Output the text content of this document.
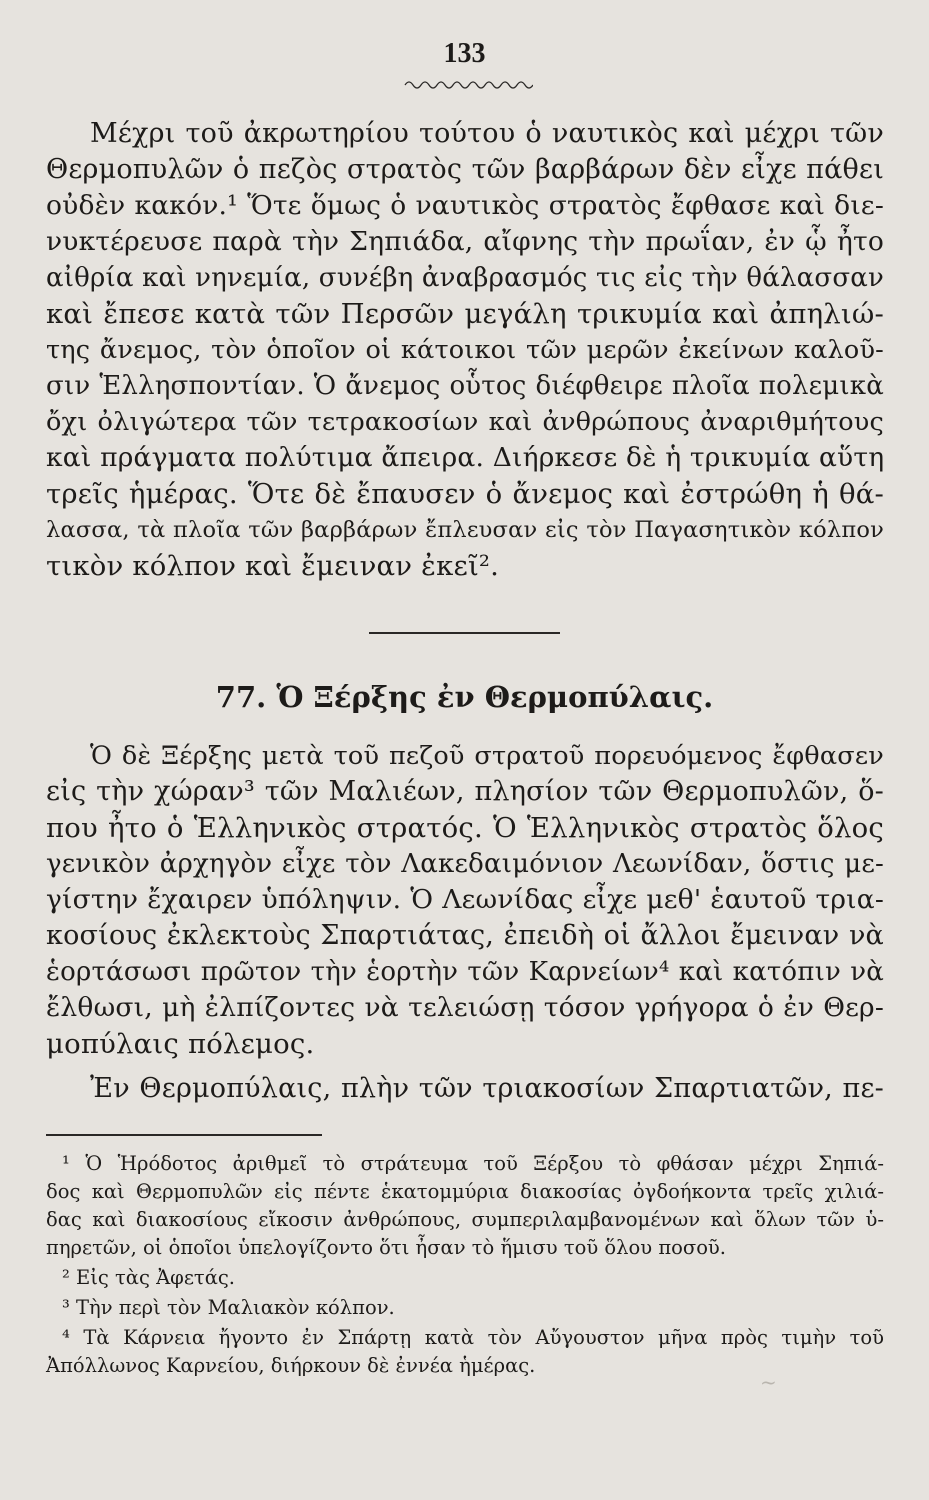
133
Μέχρι τοῦ ἀκρωτηρίου τούτου ὁ ναυτικὸς καὶ μέχρι τῶν
Θερμοπυλῶν ὁ πεζὸς στρατὸς τῶν βαρβάρων δὲν εἶχε πάθει
οὐδὲν κακόν.¹ Ὅτε ὅμως ὁ ναυτικὸς στρατὸς ἔφθασε καὶ διε-
νυκτέρευσε παρὰ τὴν Σηπιάδα, αἴφνης τὴν πρωΐαν, ἐν ᾧ ἦτο
αἰθρία καὶ νηνεμία, συνέβη ἀναβρασμός τις εἰς τὴν θάλασσαν
καὶ ἔπεσε κατὰ τῶν Περσῶν μεγάλη τρικυμία καὶ ἀπηλιώ-
της ἄνεμος, τὸν ὁποῖον οἱ κάτοικοι τῶν μερῶν ἐκείνων καλοῦ-
σιν Ἑλλησποντίαν. Ὁ ἄνεμος οὗτος διέφθειρε πλοῖα πολεμικὰ
ὄχι ὀλιγώτερα τῶν τετρακοσίων καὶ ἀνθρώπους ἀναριθμήτους
καὶ πράγματα πολύτιμα ἄπειρα. Διήρκεσε δὲ ἡ τρικυμία αὕτη
τρεῖς ἡμέρας. Ὅτε δὲ ἔπαυσεν ὁ ἄνεμος καὶ ἐστρώθη ἡ θά-
λασσα, τὰ πλοῖα τῶν βαρβάρων ἔπλευσαν εἰς τὸν Παγασητικὸν κόλπον
τικὸν κόλπον καὶ ἔμειναν ἐκεῖ².
77. Ὁ Ξέρξης ἐν Θερμοπύλαις.
Ὁ δὲ Ξέρξης μετὰ τοῦ πεζοῦ στρατοῦ πορευόμενος ἔφθασεν
εἰς τὴν χώραν³ τῶν Μαλιέων, πλησίον τῶν Θερμοπυλῶν, ὅ-
που ἦτο ὁ Ἑλληνικὸς στρατός. Ὁ Ἑλληνικὸς στρατὸς ὅλος
γενικὸν ἀρχηγὸν εἶχε τὸν Λακεδαιμόνιον Λεωνίδαν, ὅστις με-
γίστην ἔχαιρεν ὑπόληψιν. Ὁ Λεωνίδας εἶχε μεθ' ἑαυτοῦ τρια-
κοσίους ἐκλεκτοὺς Σπαρτιάτας, ἐπειδὴ οἱ ἄλλοι ἔμειναν νὰ
ἑορτάσωσι πρῶτον τὴν ἑορτὴν τῶν Καρνείων⁴ καὶ κατόπιν νὰ
ἔλθωσι, μὴ ἐλπίζοντες νὰ τελειώσῃ τόσον γρήγορα ὁ ἐν Θερ-
μοπύλαις πόλεμος.
Ἐν Θερμοπύλαις, πλὴν τῶν τριακοσίων Σπαρτιατῶν, πε-
¹ Ὁ Ἡρόδοτος ἀριθμεῖ τὸ στράτευμα τοῦ Ξέρξου τὸ φθάσαν μέχρι Σηπιά-
δος καὶ Θερμοπυλῶν εἰς πέντε ἑκατομμύρια διακοσίας ὀγδοήκοντα τρεῖς χιλιά-
δας καὶ διακοσίους εἴκοσιν ἀνθρώπους, συμπεριλαμβανομένων καὶ ὅλων τῶν ὑ-
πηρετῶν, οἱ ὁποῖοι ὑπελογίζοντο ὅτι ἦσαν τὸ ἥμισυ τοῦ ὅλου ποσοῦ.
² Εἰς τὰς Ἀφετάς.
³ Τὴν περὶ τὸν Μαλιακὸν κόλπον.
⁴ Τὰ Κάρνεια ἤγοντο ἐν Σπάρτῃ κατὰ τὸν Αὔγουστον μῆνα πρὸς τιμὴν τοῦ
Ἀπόλλωνος Καρνείου, διήρκουν δὲ ἐννέα ἡμέρας.
~
